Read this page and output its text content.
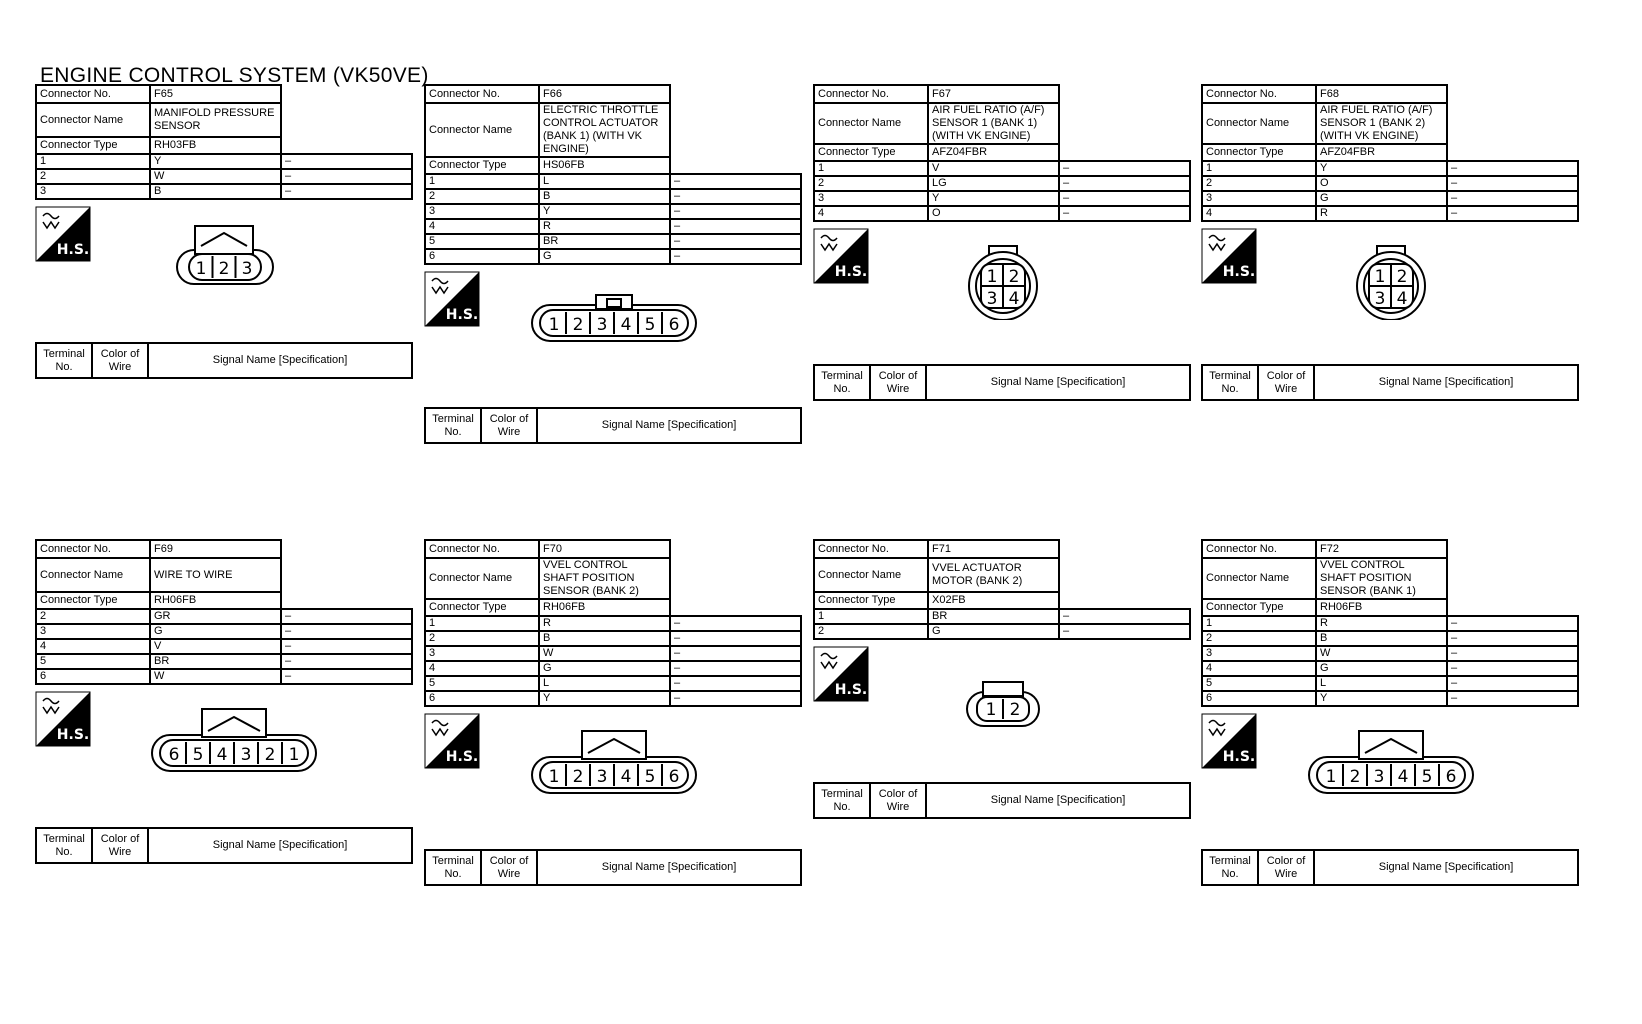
ENGINE CONTROL SYSTEM (VK50VE)
Connector No.	F65	
Connector Name	MANIFOLD PRESSURE SENSOR	
Connector Type	RH03FB	
1	Y	–
2	W	–
3	B	–
H.S.
1 2 3
Terminal No.	Color of Wire	Signal Name [Specification]
Connector No.	F66	
Connector Name	ELECTRIC THROTTLE CONTROL ACTUATOR (BANK 1) (WITH VK ENGINE)	
Connector Type	HS06FB	
1	L	–
2	B	–
3	Y	–
4	R	–
5	BR	–
6	G	–
H.S.	1 2 3 4 5 6
Terminal No.	Color of Wire	Signal Name [Specification]
Connector No.	F67	
Connector Name	AIR FUEL RATIO (A/F) SENSOR 1 (BANK 1) (WITH VK ENGINE)	
Connector Type	AFZ04FBR	
1	V	–
2	LG	–
3	Y	–
4	O	–
H.S.	1 2
3 4
Terminal No.	Color of Wire	Signal Name [Specification]
Connector No.	F68	
Connector Name	AIR FUEL RATIO (A/F) SENSOR 1 (BANK 2) (WITH VK ENGINE)	
Connector Type	AFZ04FBR	
1	Y	–
2	O	–
3	G	–
4	R	–
H.S.	1 2
3 4
Terminal No.	Color of Wire	Signal Name [Specification]
Connector No.	F69	
Connector Name	WIRE TO WIRE	
Connector Type	RH06FB	
2	GR	–
3	G	–
4	V	–
5	BR	–
6	W	–
H.S.
6 5 4 3 2 1
Terminal No.	Color of Wire	Signal Name [Specification]
Connector No.	F70	
Connector Name	VVEL CONTROL SHAFT POSITION SENSOR (BANK 2)	
Connector Type	RH06FB	
1	R	–
2	B	–
3	W	–
4	G	–
5	L	–
6	Y	–
H.S.
1 2 3 4 5 6
Terminal No.	Color of Wire	Signal Name [Specification]
Connector No.	F71	
Connector Name	VVEL ACTUATOR MOTOR (BANK 2)	
Connector Type	X02FB	
1	BR	–
2	G	–
H.S.
1 2
Terminal No.	Color of Wire	Signal Name [Specification]
Connector No.	F72	
Connector Name	VVEL CONTROL SHAFT POSITION SENSOR (BANK 1)	
Connector Type	RH06FB	
1	R	–
2	B	–
3	W	–
4	G	–
5	L	–
6	Y	–
H.S.
1 2 3 4 5 6
Terminal No.	Color of Wire	Signal Name [Specification]
